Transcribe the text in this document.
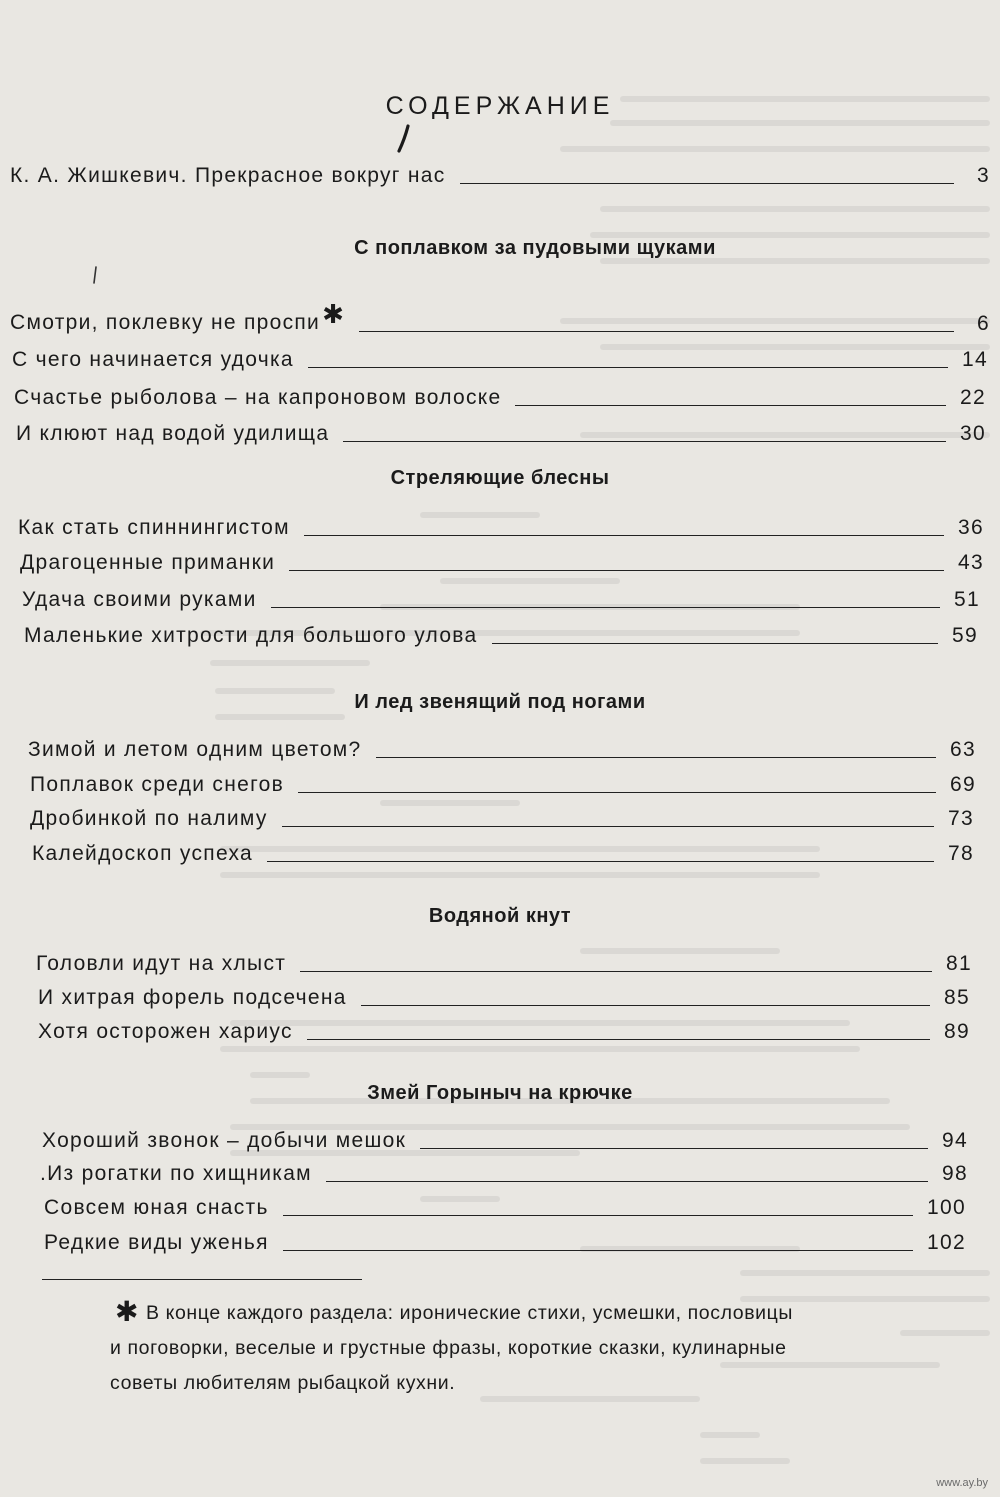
СОДЕРЖАНИЕ
К. А. Жишкевич. Прекрасное вокруг нас	3
С поплавком за пудовыми щуками
Смотри, поклевку не проспи✱	6
С чего начинается удочка	14
Счастье рыболова – на капроновом волоске	22
И клюют над водой удилища	30
Стреляющие блесны
Как стать спиннингистом	36
Драгоценные приманки	43
Удача своими руками	51
Маленькие хитрости для большого улова	59
И лед звенящий под ногами
Зимой и летом одним цветом?	63
Поплавок среди снегов	69
Дробинкой по налиму	73
Калейдоскоп успеха	78
Водяной кнут
Головли идут на хлыст	81
И хитрая форель подсечена	85
Хотя осторожен хариус	89
Змей Горыныч на крючке
Хороший звонок – добычи мешок	94
.Из рогатки по хищникам	98
Совсем юная снасть	100
Редкие виды уженья	102
✱ В конце каждого раздела: иронические стихи, усмешки, пословицы
и поговорки, веселые и грустные фразы, короткие сказки, кулинарные
советы любителям рыбацкой кухни.
www.ay.by
